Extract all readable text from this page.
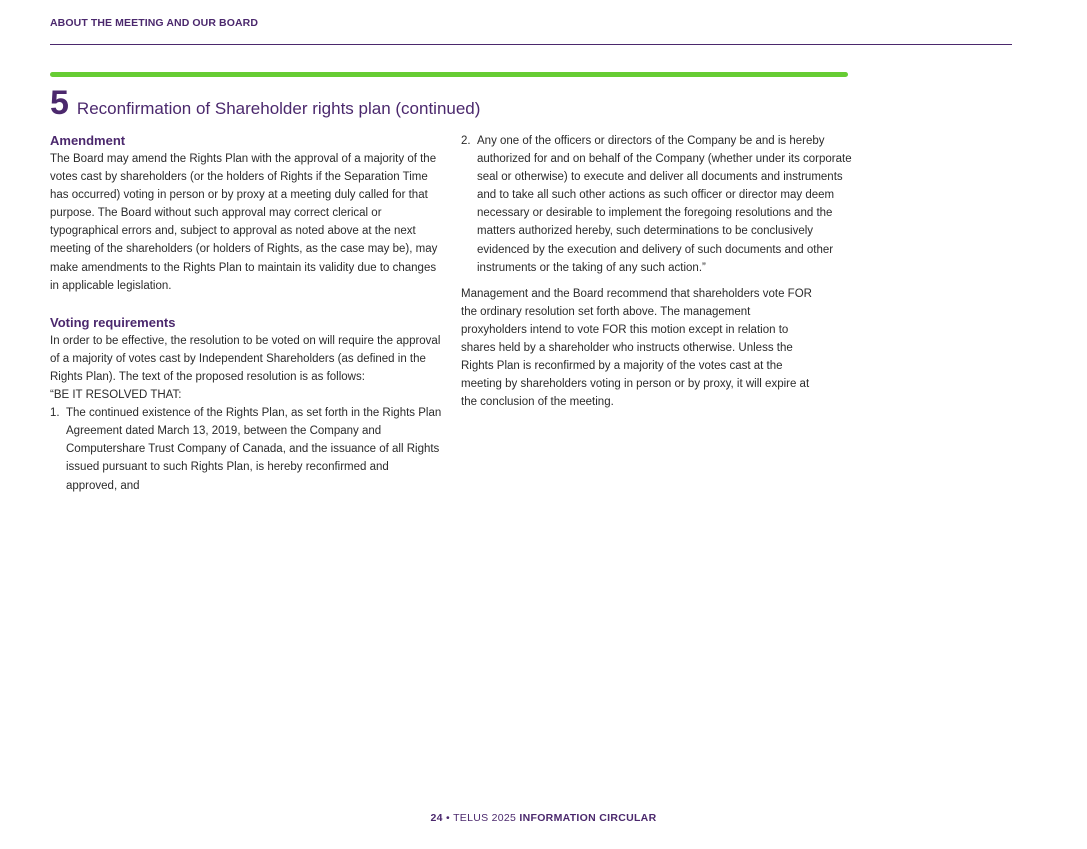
ABOUT THE MEETING AND OUR BOARD
5 Reconfirmation of Shareholder rights plan (continued)
Amendment

The Board may amend the Rights Plan with the approval of a majority of the votes cast by shareholders (or the holders of Rights if the Separation Time has occurred) voting in person or by proxy at a meeting duly called for that purpose. The Board without such approval may correct clerical or typographical errors and, subject to approval as noted above at the next meeting of the shareholders (or holders of Rights, as the case may be), may make amendments to the Rights Plan to maintain its validity due to changes in applicable legislation.

Voting requirements

In order to be effective, the resolution to be voted on will require the approval of a majority of votes cast by Independent Shareholders (as defined in the Rights Plan). The text of the proposed resolution is as follows:

“BE IT RESOLVED THAT:

1. The continued existence of the Rights Plan, as set forth in the Rights Plan Agreement dated March 13, 2019, between the Company and Computershare Trust Company of Canada, and the issuance of all Rights issued pursuant to such Rights Plan, is hereby reconfirmed and approved, and
2. Any one of the officers or directors of the Company be and is hereby authorized for and on behalf of the Company (whether under its corporate seal or otherwise) to execute and deliver all documents and instruments and to take all such other actions as such officer or director may deem necessary or desirable to implement the foregoing resolutions and the matters authorized hereby, such determinations to be conclusively evidenced by the execution and delivery of such documents and other instruments or the taking of any such action.”

Management and the Board recommend that shareholders vote FOR the ordinary resolution set forth above. The management proxyholders intend to vote FOR this motion except in relation to shares held by a shareholder who instructs otherwise. Unless the Rights Plan is reconfirmed by a majority of the votes cast at the meeting by shareholders voting in person or by proxy, it will expire at the conclusion of the meeting.

24 • TELUS 2025 INFORMATION CIRCULAR
